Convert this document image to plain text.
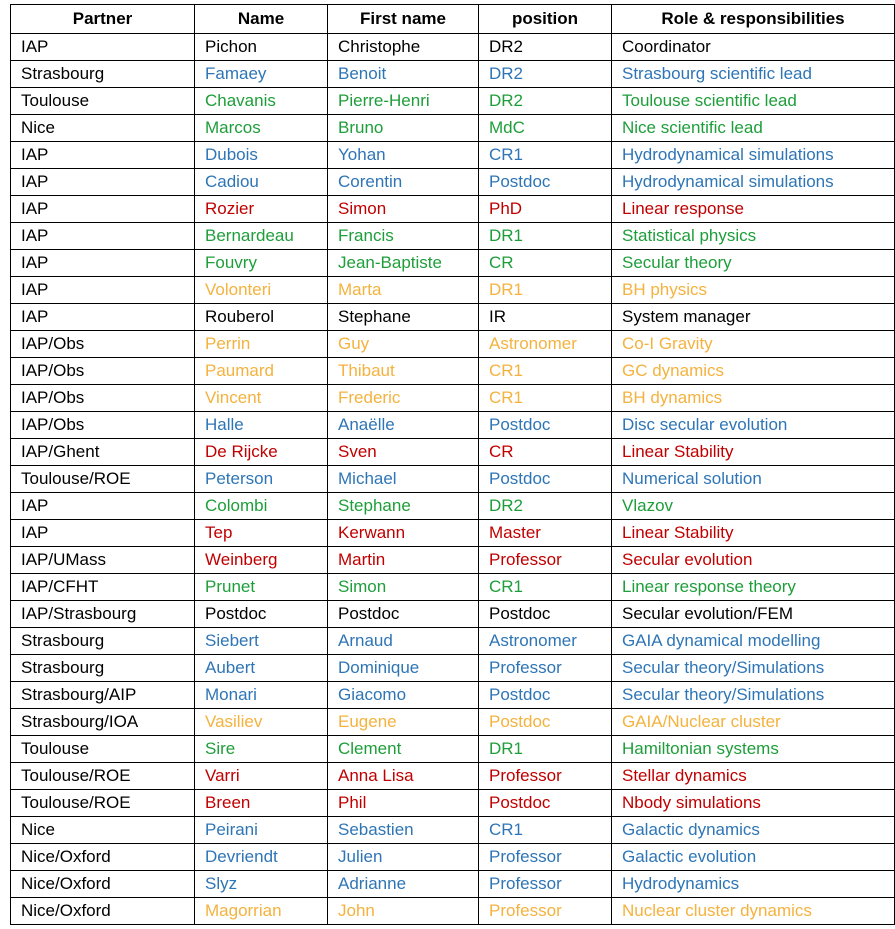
Partner	Name	First name	position	Role & responsibilities
IAP	Pichon	Christophe	DR2	Coordinator
Strasbourg	Famaey	Benoit	DR2	Strasbourg scientific lead
Toulouse	Chavanis	Pierre-Henri	DR2	Toulouse scientific lead
Nice	Marcos	Bruno	MdC	Nice scientific lead
IAP	Dubois	Yohan	CR1	Hydrodynamical simulations
IAP	Cadiou	Corentin	Postdoc	Hydrodynamical simulations
IAP	Rozier	Simon	PhD	Linear response
IAP	Bernardeau	Francis	DR1	Statistical physics
IAP	Fouvry	Jean-Baptiste	CR	Secular theory
IAP	Volonteri	Marta	DR1	BH physics
IAP	Rouberol	Stephane	IR	System manager
IAP/Obs	Perrin	Guy	Astronomer	Co-I Gravity
IAP/Obs	Paumard	Thibaut	CR1	GC dynamics
IAP/Obs	Vincent	Frederic	CR1	BH dynamics
IAP/Obs	Halle	Anaëlle	Postdoc	Disc secular evolution
IAP/Ghent	De Rijcke	Sven	CR	Linear Stability
Toulouse/ROE	Peterson	Michael	Postdoc	Numerical solution
IAP	Colombi	Stephane	DR2	Vlazov
IAP	Tep	Kerwann	Master	Linear Stability
IAP/UMass	Weinberg	Martin	Professor	Secular evolution
IAP/CFHT	Prunet	Simon	CR1	Linear response theory
IAP/Strasbourg	Postdoc	Postdoc	Postdoc	Secular evolution/FEM
Strasbourg	Siebert	Arnaud	Astronomer	GAIA dynamical modelling
Strasbourg	Aubert	Dominique	Professor	Secular theory/Simulations
Strasbourg/AIP	Monari	Giacomo	Postdoc	Secular theory/Simulations
Strasbourg/IOA	Vasiliev	Eugene	Postdoc	GAIA/Nuclear cluster
Toulouse	Sire	Clement	DR1	Hamiltonian systems
Toulouse/ROE	Varri	Anna Lisa	Professor	Stellar dynamics
Toulouse/ROE	Breen	Phil	Postdoc	Nbody simulations
Nice	Peirani	Sebastien	CR1	Galactic dynamics
Nice/Oxford	Devriendt	Julien	Professor	Galactic evolution
Nice/Oxford	Slyz	Adrianne	Professor	Hydrodynamics
Nice/Oxford	Magorrian	John	Professor	Nuclear cluster dynamics
